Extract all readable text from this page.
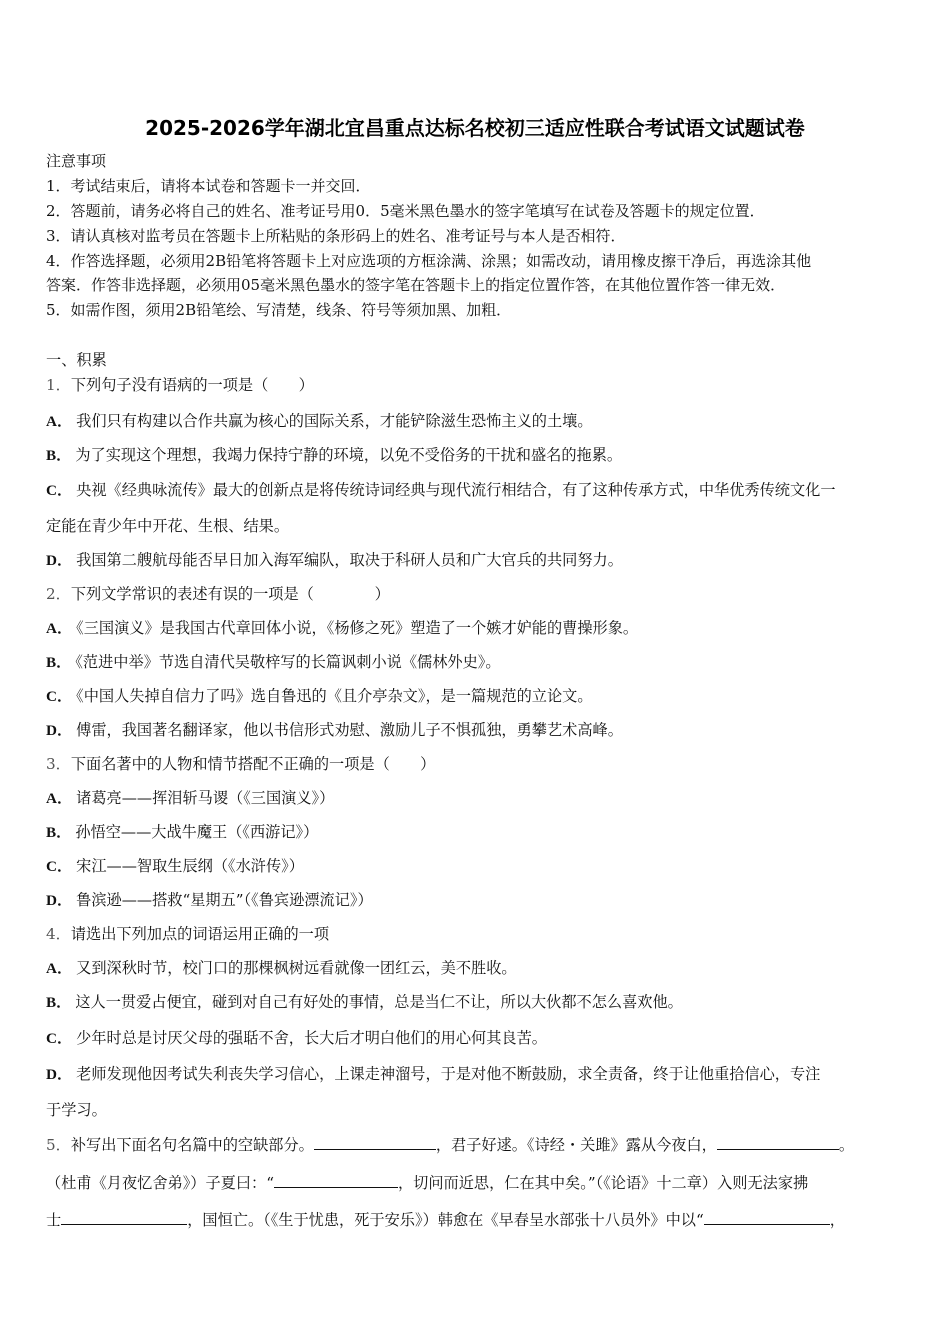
2025-2026学年湖北宜昌重点达标名校初三适应性联合考试语文试题试卷
注意事项
1．考试结束后，请将本试卷和答题卡一并交回．
2．答题前，请务必将自己的姓名、准考证号用0．5毫米黑色墨水的签字笔填写在试卷及答题卡的规定位置．
3．请认真核对监考员在答题卡上所粘贴的条形码上的姓名、准考证号与本人是否相符．
4．作答选择题，必须用2B铅笔将答题卡上对应选项的方框涂满、涂黑；如需改动，请用橡皮擦干净后，再选涂其他
答案．作答非选择题，必须用05毫米黑色墨水的签字笔在答题卡上的指定位置作答，在其他位置作答一律无效．
5．如需作图，须用2B铅笔绘、写清楚，线条、符号等须加黑、加粗．
一、积累
1．下列句子没有语病的一项是（　　）
A． 我们只有构建以合作共赢为核心的国际关系，才能铲除滋生恐怖主义的土壤。
B． 为了实现这个理想，我竭力保持宁静的环境，以免不受俗务的干扰和盛名的拖累。
C． 央视《经典咏流传》最大的创新点是将传统诗词经典与现代流行相结合，有了这种传承方式，中华优秀传统文化一
定能在青少年中开花、生根、结果。
D． 我国第二艘航母能否早日加入海军编队，取决于科研人员和广大官兵的共同努力。
2．下列文学常识的表述有误的一项是（　　　　）
A． 《三国演义》是我国古代章回体小说，《杨修之死》塑造了一个嫉才妒能的曹操形象。
B． 《范进中举》节选自清代吴敬梓写的长篇讽刺小说《儒林外史》。
C． 《中国人失掉自信力了吗》选自鲁迅的《且介亭杂文》，是一篇规范的立论文。
D． 傅雷，我国著名翻译家，他以书信形式劝慰、激励儿子不惧孤独，勇攀艺术高峰。
3．下面名著中的人物和情节搭配不正确的一项是（　　）
A． 诸葛亮——挥泪斩马谡（《三国演义》）
B． 孙悟空——大战牛魔王（《西游记》）
C． 宋江——智取生辰纲（《水浒传》）
D． 鲁滨逊——搭救“星期五”（《鲁宾逊漂流记》）
4．请选出下列加点的词语运用正确的一项
A． 又到深秋时节，校门口的那棵枫树远看就像一团红云，美不胜收。
B． 这人一贯爱占便宜，碰到对自己有好处的事情，总是当仁不让，所以大伙都不怎么喜欢他。
C． 少年时总是讨厌父母的强聒不舍，长大后才明白他们的用心何其良苦。
D． 老师发现他因考试失利丧失学习信心，上课走神溜号，于是对他不断鼓励，求全责备，终于让他重拾信心，专注
于学习。
5．补写出下面名句名篇中的空缺部分。	，君子好逑。《诗经・关雎》露从今夜白，	。
（杜甫《月夜忆舍弟》）子夏曰：“	，切问而近思，仁在其中矣。”（《论语》十二章）入则无法家拂
士	，国恒亡。（《生于忧患，死于安乐》）韩愈在《早春呈水部张十八员外》中以“	，
